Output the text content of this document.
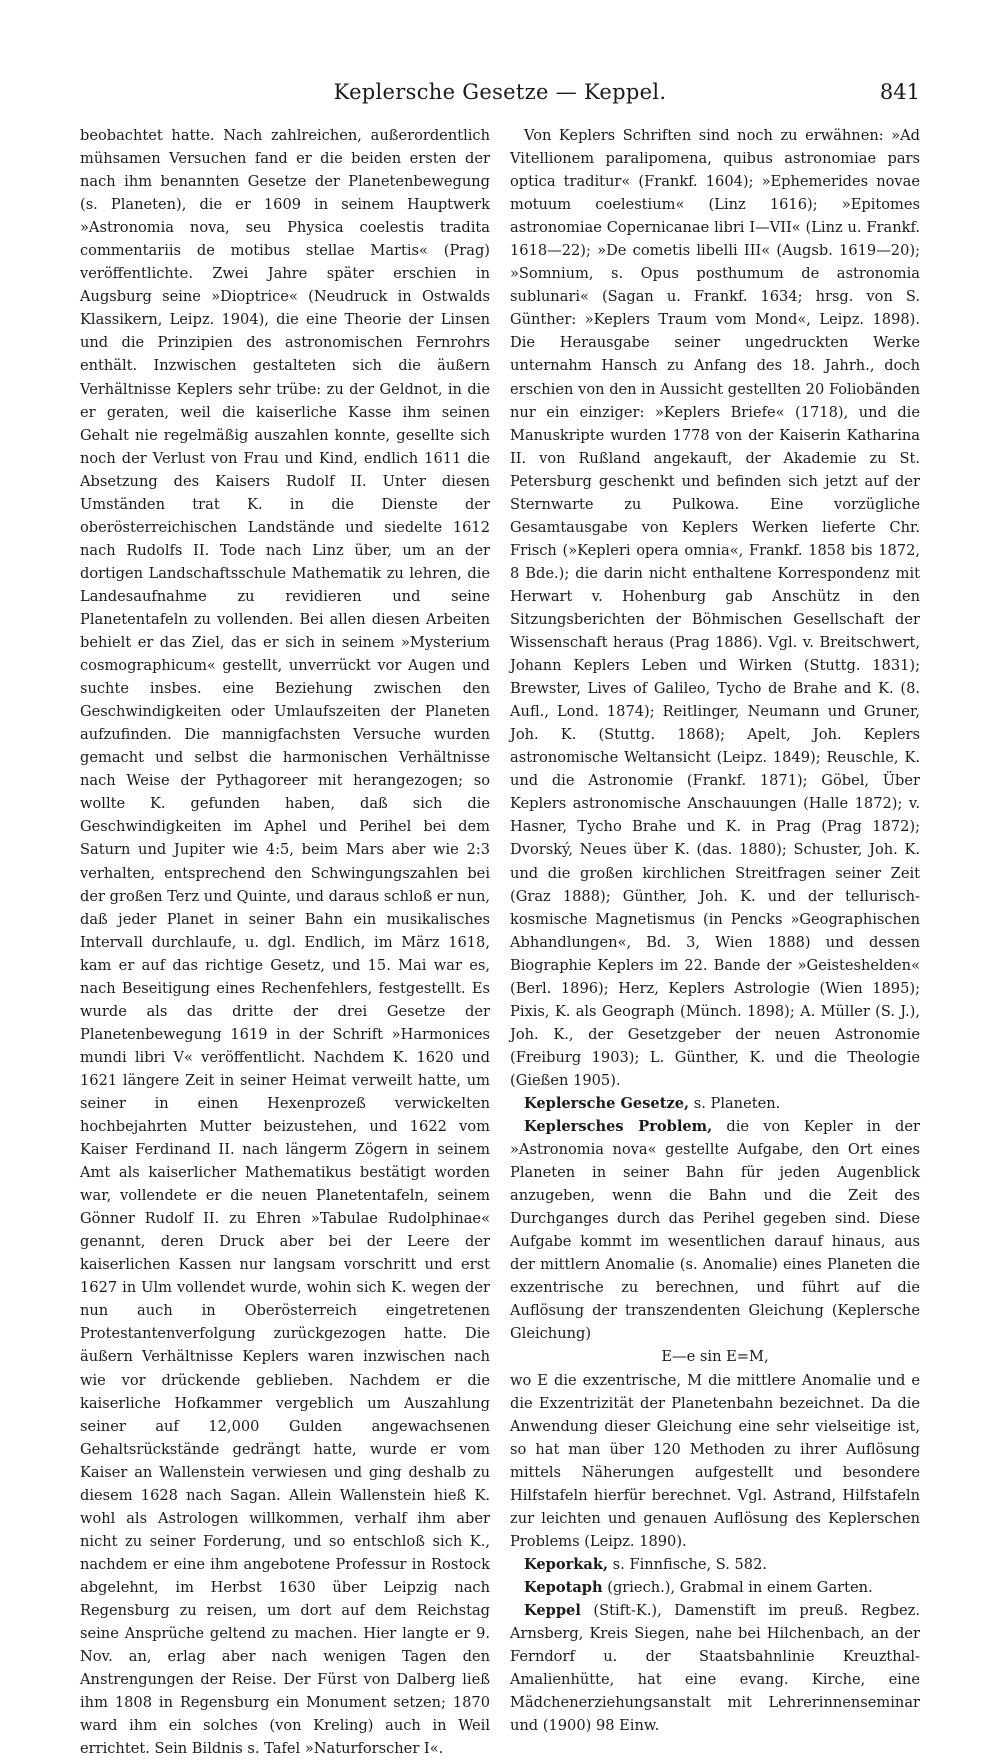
Keplersche Gesetze — Keppel.	841

beobachtet hatte. Nach zahlreichen, außerordentlich mühsamen Versuchen fand er die beiden ersten der nach ihm benannten Gesetze der Planetenbewegung (s. Planeten), die er 1609 in seinem Hauptwerk »Astronomia nova, seu Physica coelestis tradita commentariis de motibus stellae Martis« (Prag) veröffentlichte. Zwei Jahre später erschien in Augsburg seine »Dioptrice« (Neudruck in Ostwalds Klassikern, Leipz. 1904), die eine Theorie der Linsen und die Prinzipien des astronomischen Fernrohrs enthält. Inzwischen gestalteten sich die äußern Verhältnisse Keplers sehr trübe: zu der Geldnot, in die er geraten, weil die kaiserliche Kasse ihm seinen Gehalt nie regelmäßig auszahlen konnte, gesellte sich noch der Verlust von Frau und Kind, endlich 1611 die Absetzung des Kaisers Rudolf II. Unter diesen Umständen trat K. in die Dienste der oberösterreichischen Landstände und siedelte 1612 nach Rudolfs II. Tode nach Linz über, um an der dortigen Landschaftsschule Mathematik zu lehren, die Landesaufnahme zu revidieren und seine Planetentafeln zu vollenden. Bei allen diesen Arbeiten behielt er das Ziel, das er sich in seinem »Mysterium cosmographicum« gestellt, unverrückt vor Augen und suchte insbes. eine Beziehung zwischen den Geschwindigkeiten oder Umlaufszeiten der Planeten aufzufinden. Die mannigfachsten Versuche wurden gemacht und selbst die harmonischen Verhältnisse nach Weise der Pythagoreer mit herangezogen; so wollte K. gefunden haben, daß sich die Geschwindigkeiten im Aphel und Perihel bei dem Saturn und Jupiter wie 4:5, beim Mars aber wie 2:3 verhalten, entsprechend den Schwingungszahlen bei der großen Terz und Quinte, und daraus schloß er nun, daß jeder Planet in seiner Bahn ein musikalisches Intervall durchlaufe, u. dgl. Endlich, im März 1618, kam er auf das richtige Gesetz, und 15. Mai war es, nach Beseitigung eines Rechenfehlers, festgestellt. Es wurde als das dritte der drei Gesetze der Planetenbewegung 1619 in der Schrift »Harmonices mundi libri V« veröffentlicht. Nachdem K. 1620 und 1621 längere Zeit in seiner Heimat verweilt hatte, um seiner in einen Hexenprozeß verwickelten hochbejahrten Mutter beizustehen, und 1622 vom Kaiser Ferdinand II. nach längerm Zögern in seinem Amt als kaiserlicher Mathematikus bestätigt worden war, vollendete er die neuen Planetentafeln, seinem Gönner Rudolf II. zu Ehren »Tabulae Rudolphinae« genannt, deren Druck aber bei der Leere der kaiserlichen Kassen nur langsam vorschritt und erst 1627 in Ulm vollendet wurde, wohin sich K. wegen der nun auch in Oberösterreich eingetretenen Protestantenverfolgung zurückgezogen hatte. Die äußern Verhältnisse Keplers waren inzwischen nach wie vor drückende geblieben. Nachdem er die kaiserliche Hofkammer vergeblich um Auszahlung seiner auf 12,000 Gulden angewachsenen Gehaltsrückstände gedrängt hatte, wurde er vom Kaiser an Wallenstein verwiesen und ging deshalb zu diesem 1628 nach Sagan. Allein Wallenstein hieß K. wohl als Astrologen willkommen, verhalf ihm aber nicht zu seiner Forderung, und so entschloß sich K., nachdem er eine ihm angebotene Professur in Rostock abgelehnt, im Herbst 1630 über Leipzig nach Regensburg zu reisen, um dort auf dem Reichstag seine Ansprüche geltend zu machen. Hier langte er 9. Nov. an, erlag aber nach wenigen Tagen den Anstrengungen der Reise. Der Fürst von Dalberg ließ ihm 1808 in Regensburg ein Monument setzen; 1870 ward ihm ein solches (von Kreling) auch in Weil errichtet. Sein Bildnis s. Tafel »Naturforscher I«.

Von Keplers Schriften sind noch zu erwähnen: »Ad Vitellionem paralipomena, quibus astronomiae pars optica traditur« (Frankf. 1604); »Ephemerides novae motuum coelestium« (Linz 1616); »Epitomes astronomiae Copernicanae libri I—VII« (Linz u. Frankf. 1618—22); »De cometis libelli III« (Augsb. 1619—20); »Somnium, s. Opus posthumum de astronomia sublunari« (Sagan u. Frankf. 1634; hrsg. von S. Günther: »Keplers Traum vom Mond«, Leipz. 1898). Die Herausgabe seiner ungedruckten Werke unternahm Hansch zu Anfang des 18. Jahrh., doch erschien von den in Aussicht gestellten 20 Foliobänden nur ein einziger: »Keplers Briefe« (1718), und die Manuskripte wurden 1778 von der Kaiserin Katharina II. von Rußland angekauft, der Akademie zu St. Petersburg geschenkt und befinden sich jetzt auf der Sternwarte zu Pulkowa. Eine vorzügliche Gesamtausgabe von Keplers Werken lieferte Chr. Frisch (»Kepleri opera omnia«, Frankf. 1858 bis 1872, 8 Bde.); die darin nicht enthaltene Korrespondenz mit Herwart v. Hohenburg gab Anschütz in den Sitzungsberichten der Böhmischen Gesellschaft der Wissenschaft heraus (Prag 1886). Vgl. v. Breitschwert, Johann Keplers Leben und Wirken (Stuttg. 1831); Brewster, Lives of Galileo, Tycho de Brahe and K. (8. Aufl., Lond. 1874); Reitlinger, Neumann und Gruner, Joh. K. (Stuttg. 1868); Apelt, Joh. Keplers astronomische Weltansicht (Leipz. 1849); Reuschle, K. und die Astronomie (Frankf. 1871); Göbel, Über Keplers astronomische Anschauungen (Halle 1872); v. Hasner, Tycho Brahe und K. in Prag (Prag 1872); Dvorský, Neues über K. (das. 1880); Schuster, Joh. K. und die großen kirchlichen Streitfragen seiner Zeit (Graz 1888); Günther, Joh. K. und der tellurisch-kosmische Magnetismus (in Pencks »Geographischen Abhandlungen«, Bd. 3, Wien 1888) und dessen Biographie Keplers im 22. Bande der »Geisteshelden« (Berl. 1896); Herz, Keplers Astrologie (Wien 1895); Pixis, K. als Geograph (Münch. 1898); A. Müller (S. J.), Joh. K., der Gesetzgeber der neuen Astronomie (Freiburg 1903); L. Günther, K. und die Theologie (Gießen 1905).

Keplersche Gesetze, s. Planeten.

Keplersches Problem, die von Kepler in der »Astronomia nova« gestellte Aufgabe, den Ort eines Planeten in seiner Bahn für jeden Augenblick anzugeben, wenn die Bahn und die Zeit des Durchganges durch das Perihel gegeben sind. Diese Aufgabe kommt im wesentlichen darauf hinaus, aus der mittlern Anomalie (s. Anomalie) eines Planeten die exzentrische zu berechnen, und führt auf die Auflösung der transzendenten Gleichung (Keplersche Gleichung)

E—e sin E=M,

wo E die exzentrische, M die mittlere Anomalie und e die Exzentrizität der Planetenbahn bezeichnet. Da die Anwendung dieser Gleichung eine sehr vielseitige ist, so hat man über 120 Methoden zu ihrer Auflösung mittels Näherungen aufgestellt und besondere Hilfstafeln hierfür berechnet. Vgl. Astrand, Hilfstafeln zur leichten und genauen Auflösung des Keplerschen Problems (Leipz. 1890).

Keporkak, s. Finnfische, S. 582.

Kepotaph (griech.), Grabmal in einem Garten.

Keppel (Stift-K.), Damenstift im preuß. Regbez. Arnsberg, Kreis Siegen, nahe bei Hilchenbach, an der Ferndorf u. der Staatsbahnlinie Kreuzthal-Amalienhütte, hat eine evang. Kirche, eine Mädchenerziehungsanstalt mit Lehrerinnenseminar und (1900) 98 Einw.
